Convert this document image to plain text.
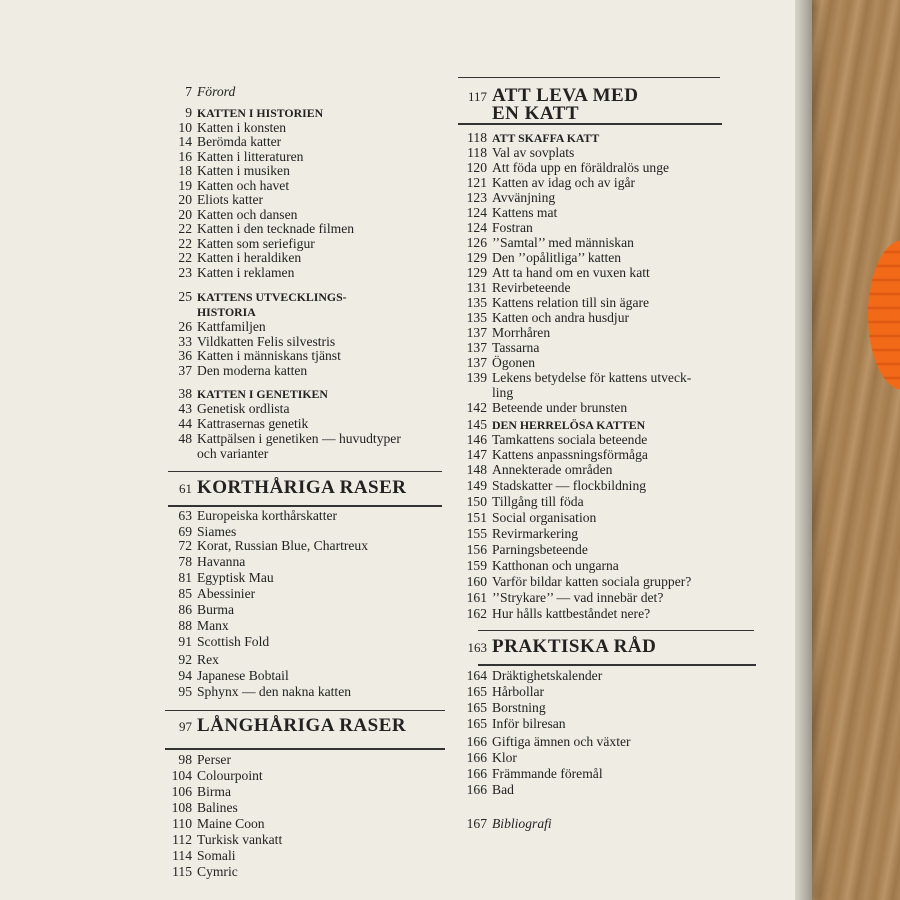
7 Förord
9 KATTEN I HISTORIEN
10 Katten i konsten
14 Berömda katter
16 Katten i litteraturen
18 Katten i musiken
19 Katten och havet
20 Eliots katter
20 Katten och dansen
22 Katten i den tecknade filmen
22 Katten som seriefigur
22 Katten i heraldiken
23 Katten i reklamen
25 KATTENS UTVECKLINGS-
HISTORIA
26 Kattfamiljen
33 Vildkatten Felis silvestris
36 Katten i människans tjänst
37 Den moderna katten
38 KATTEN I GENETIKEN
43 Genetisk ordlista
44 Kattrasernas genetik
48 Kattpälsen i genetiken — huvudtyper
och varianter
61 KORTHÅRIGA RASER
63 Europeiska korthårskatter
69 Siames
72 Korat, Russian Blue, Chartreux
78 Havanna
81 Egyptisk Mau
85 Abessinier
86 Burma
88 Manx
91 Scottish Fold
92 Rex
94 Japanese Bobtail
95 Sphynx — den nakna katten
97 LÅNGHÅRIGA RASER
98 Perser
104 Colourpoint
106 Birma
108 Balines
110 Maine Coon
112 Turkisk vankatt
114 Somali
115 Cymric
117 ATT LEVA MED
EN KATT
118 ATT SKAFFA KATT
118 Val av sovplats
120 Att föda upp en föräldralös unge
121 Katten av idag och av igår
123 Avvänjning
124 Kattens mat
124 Fostran
126 ’’Samtal’’ med människan
129 Den ’’opålitliga’’ katten
129 Att ta hand om en vuxen katt
131 Revirbeteende
135 Kattens relation till sin ägare
135 Katten och andra husdjur
137 Morrhåren
137 Tassarna
137 Ögonen
139 Lekens betydelse för kattens utveck-
ling
142 Beteende under brunsten
145 DEN HERRELÖSA KATTEN
146 Tamkattens sociala beteende
147 Kattens anpassningsförmåga
148 Annekterade områden
149 Stadskatter — flockbildning
150 Tillgång till föda
151 Social organisation
155 Revirmarkering
156 Parningsbeteende
159 Katthonan och ungarna
160 Varför bildar katten sociala grupper?
161 ’’Strykare’’ — vad innebär det?
162 Hur hålls kattbeståndet nere?
163 PRAKTISKA RÅD
164 Dräktighetskalender
165 Hårbollar
165 Borstning
165 Inför bilresan
166 Giftiga ämnen och växter
166 Klor
166 Främmande föremål
166 Bad
167 Bibliografi
